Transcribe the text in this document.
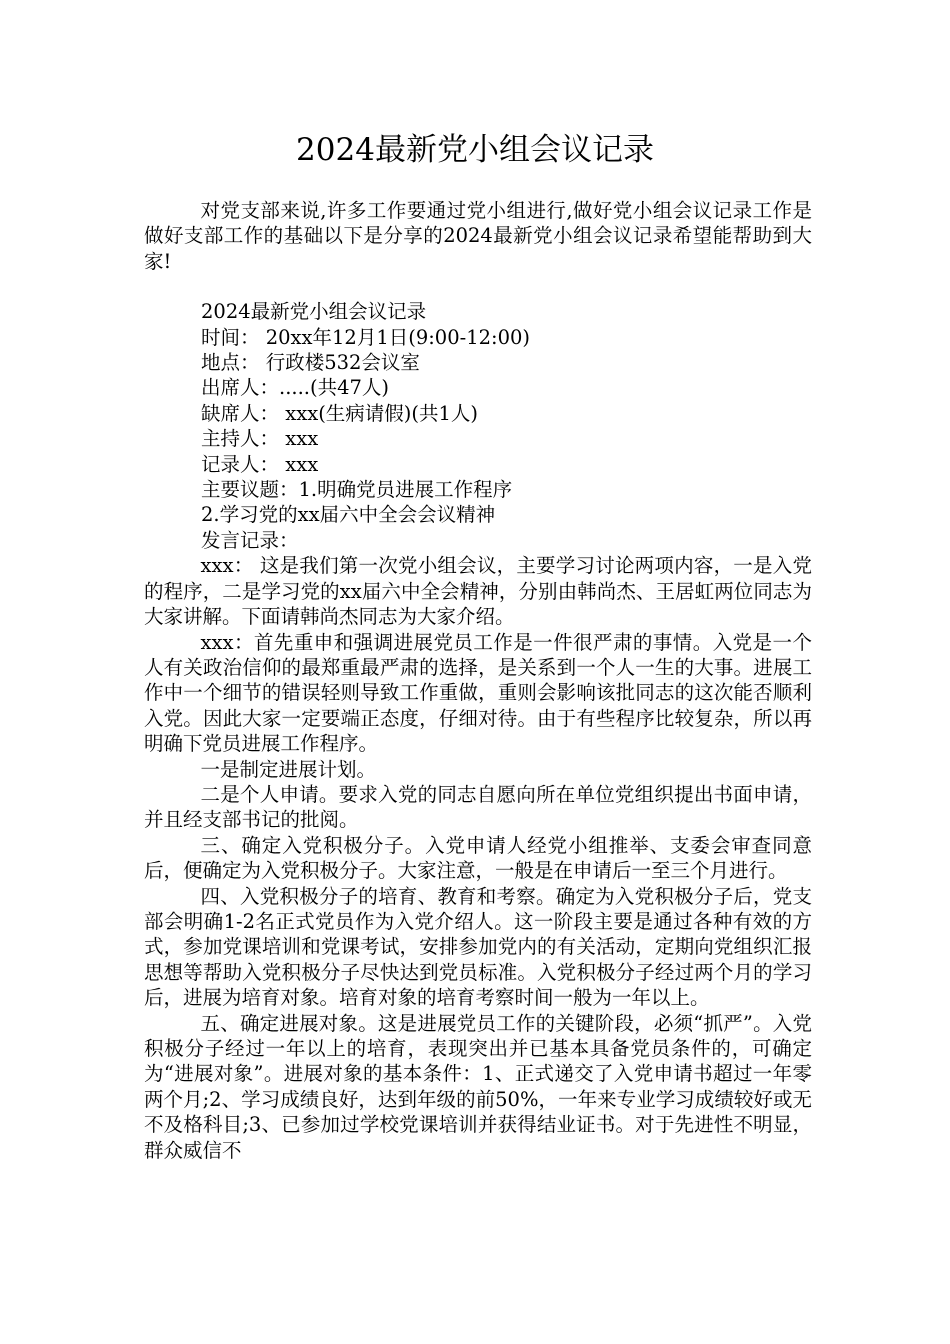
2024最新党小组会议记录

对党支部来说,许多工作要通过党小组进行,做好党小组会议记录工作是做好支部工作的基础以下是分享的2024最新党小组会议记录希望能帮助到大家!

2024最新党小组会议记录

时间： 20xx年12月1日(9:00-12:00)

地点： 行政楼532会议室

出席人：.....(共47人)

缺席人： xxx(生病请假)(共1人)

主持人： xxx

记录人： xxx

主要议题：1.明确党员进展工作程序

2.学习党的xx届六中全会会议精神

发言记录：

xxx： 这是我们第一次党小组会议，主要学习讨论两项内容，一是入党的程序，二是学习党的xx届六中全会精神，分别由韩尚杰、王居虹两位同志为大家讲解。下面请韩尚杰同志为大家介绍。

xxx：首先重申和强调进展党员工作是一件很严肃的事情。入党是一个人有关政治信仰的最郑重最严肃的选择，是关系到一个人一生的大事。进展工作中一个细节的错误轻则导致工作重做，重则会影响该批同志的这次能否顺利入党。因此大家一定要端正态度，仔细对待。由于有些程序比较复杂，所以再明确下党员进展工作程序。

一是制定进展计划。

二是个人申请。要求入党的同志自愿向所在单位党组织提出书面申请，并且经支部书记的批阅。

三、确定入党积极分子。入党申请人经党小组推举、支委会审查同意后，便确定为入党积极分子。大家注意，一般是在申请后一至三个月进行。

四、入党积极分子的培育、教育和考察。确定为入党积极分子后，党支部会明确1-2名正式党员作为入党介绍人。这一阶段主要是通过各种有效的方式，参加党课培训和党课考试，安排参加党内的有关活动，定期向党组织汇报思想等帮助入党积极分子尽快达到党员标准。入党积极分子经过两个月的学习后，进展为培育对象。培育对象的培育考察时间一般为一年以上。

五、确定进展对象。这是进展党员工作的关键阶段，必须“抓严”。入党积极分子经过一年以上的培育，表现突出并已基本具备党员条件的，可确定为“进展对象”。进展对象的基本条件：1、正式递交了入党申请书超过一年零两个月;2、学习成绩良好，达到年级的前50%，一年来专业学习成绩较好或无不及格科目;3、已参加过学校党课培训并获得结业证书。对于先进性不明显，群众威信不
